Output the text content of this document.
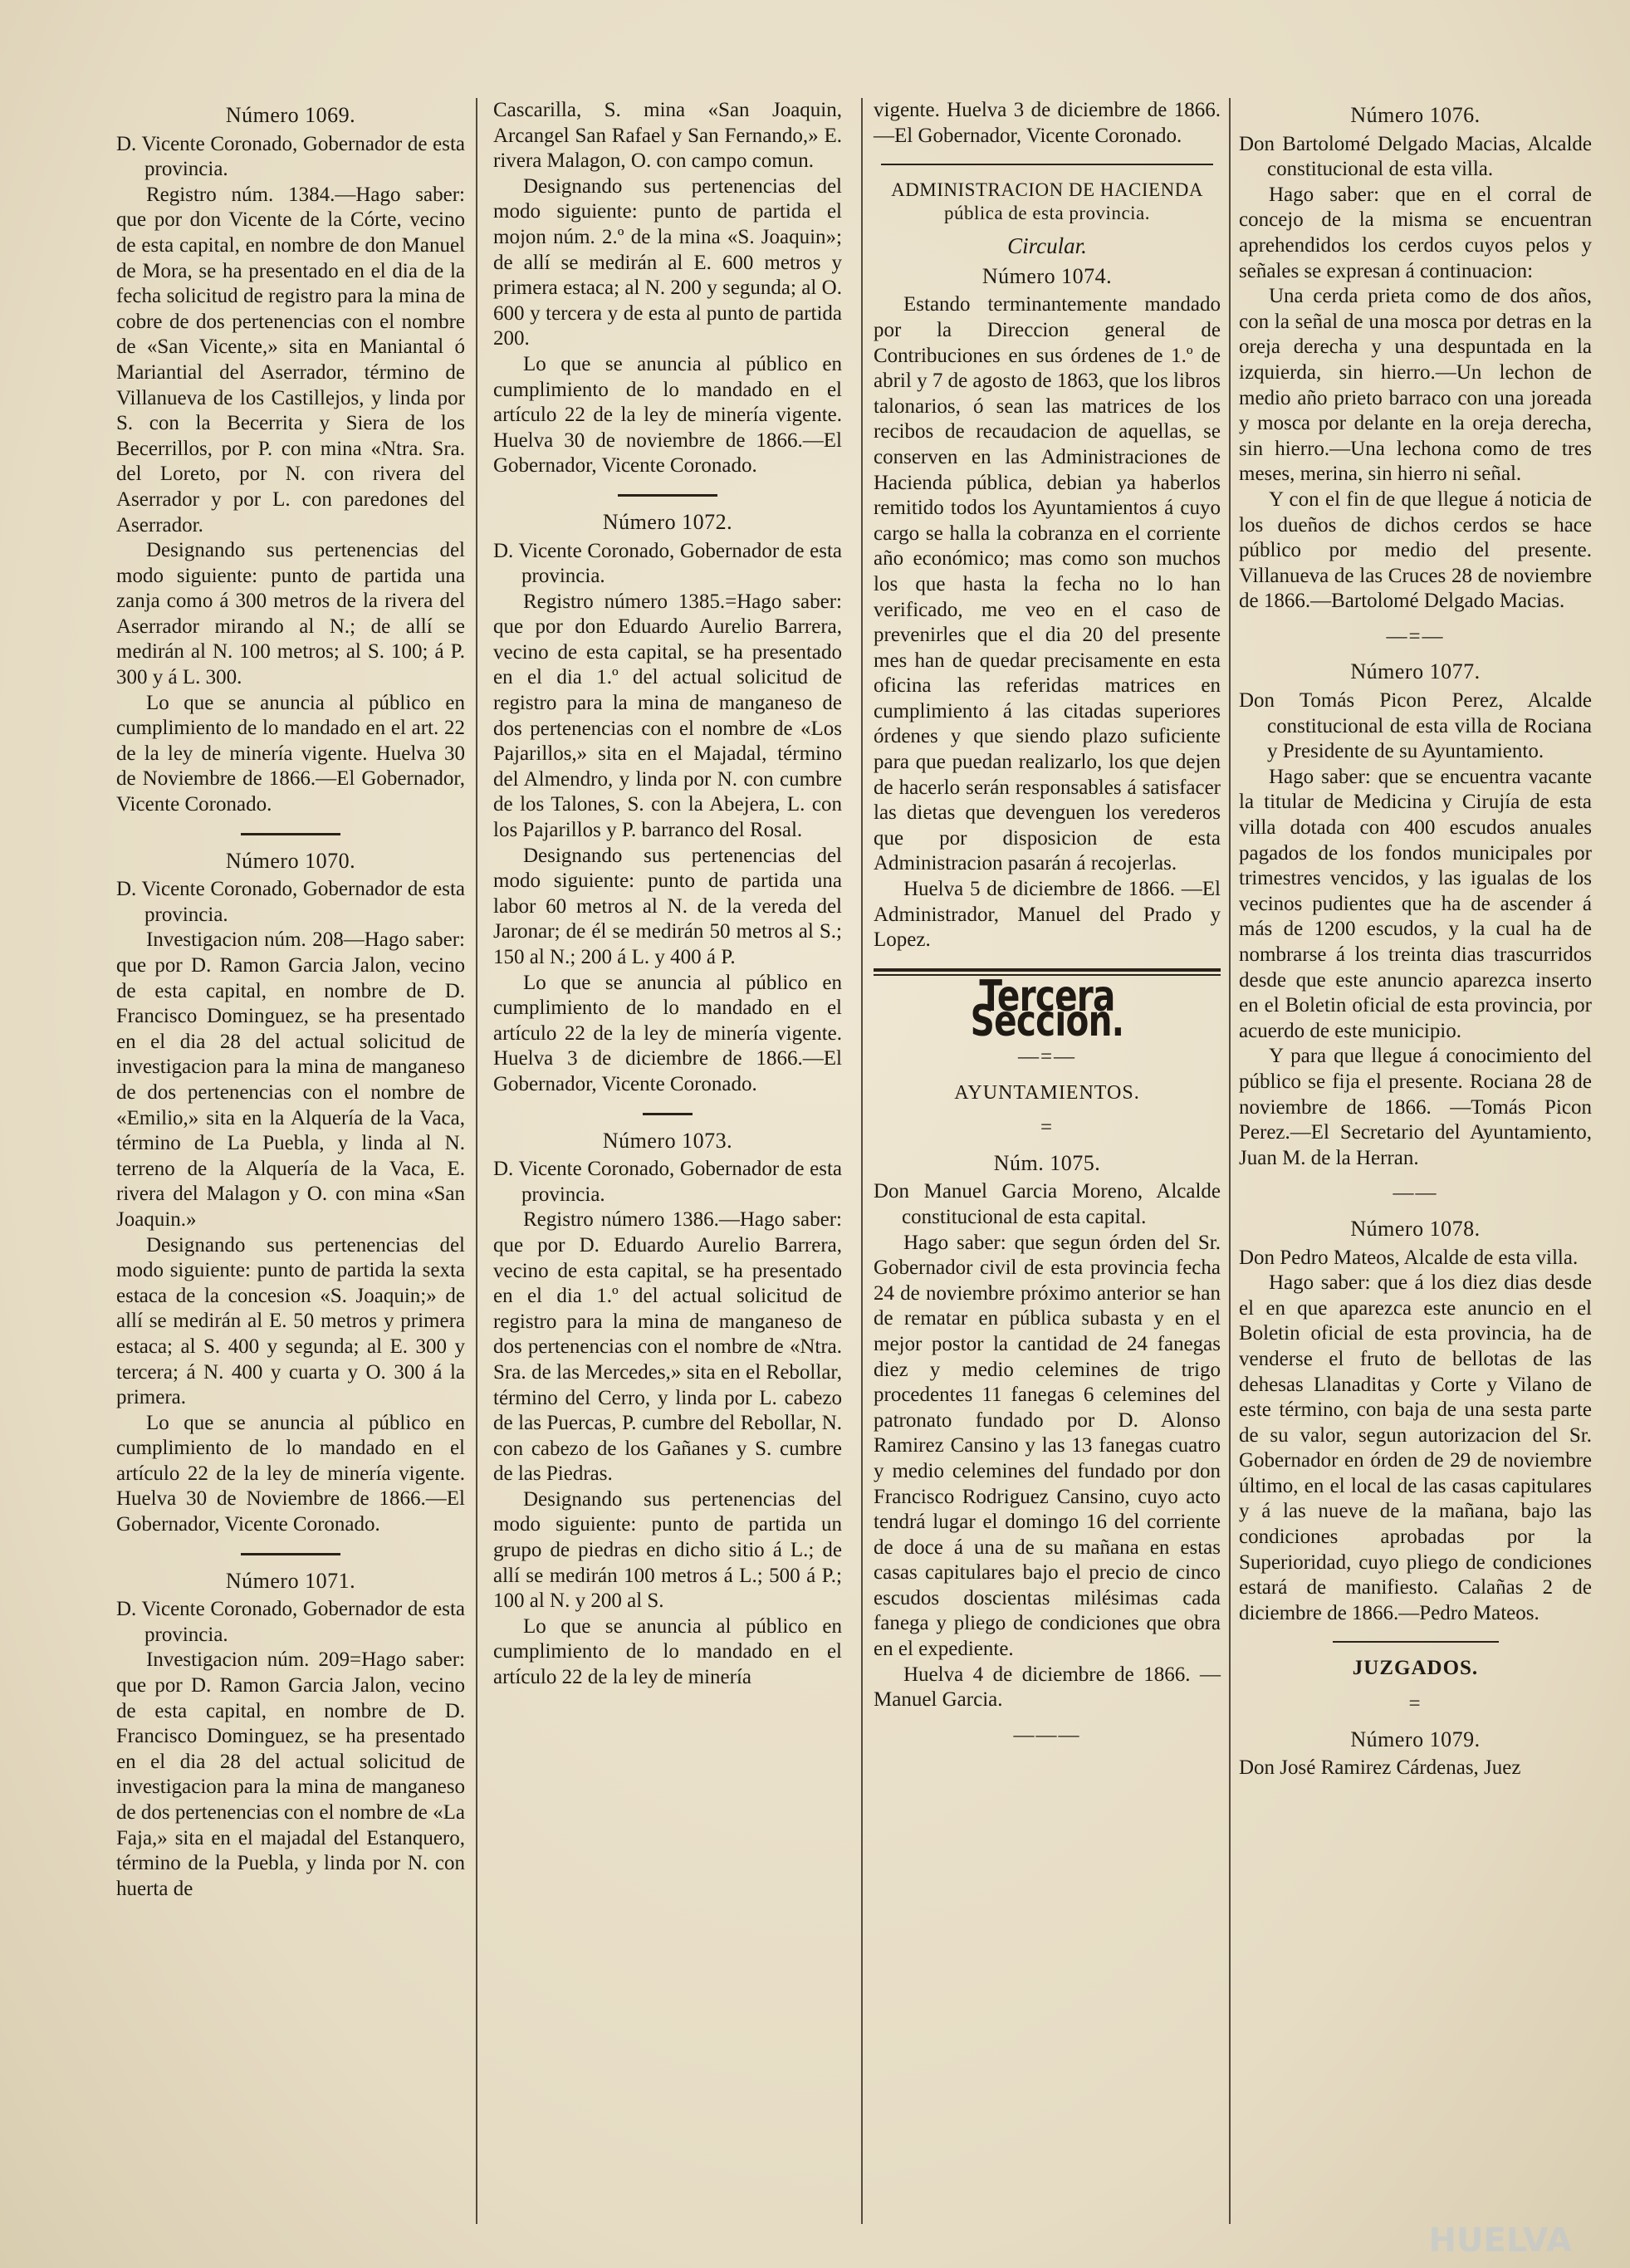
Número 1069.

D. Vicente Coronado, Gobernador de esta provincia.

Registro núm. 1384.—Hago saber: que por don Vicente de la Córte, vecino de esta capital, en nombre de don Manuel de Mora, se ha presentado en el dia de la fecha solicitud de registro para la mina de cobre de dos pertenencias con el nombre de «San Vicente,» sita en Maniantal ó Mariantial del Aserrador, término de Villanueva de los Castillejos, y linda por S. con la Becerrita y Siera de los Becerrillos, por P. con mina «Ntra. Sra. del Loreto, por N. con rivera del Aserrador y por L. con paredones del Aserrador.

Designando sus pertenencias del modo siguiente: punto de partida una zanja como á 300 metros de la rivera del Aserrador mirando al N.; de allí se medirán al N. 100 metros; al S. 100; á P. 300 y á L. 300.

Lo que se anuncia al público en cumplimiento de lo mandado en el art. 22 de la ley de minería vigente. Huelva 30 de Noviembre de 1866.—El Gobernador, Vicente Coronado.

Número 1070.

D. Vicente Coronado, Gobernador de esta provincia.

Investigacion núm. 208—Hago saber: que por D. Ramon Garcia Jalon, vecino de esta capital, en nombre de D. Francisco Dominguez, se ha presentado en el dia 28 del actual solicitud de investigacion para la mina de manganeso de dos pertenencias con el nombre de «Emilio,» sita en la Alquería de la Vaca, término de La Puebla, y linda al N. terreno de la Alquería de la Vaca, E. rivera del Malagon y O. con mina «San Joaquin.»

Designando sus pertenencias del modo siguiente: punto de partida la sexta estaca de la concesion «S. Joaquin;» de allí se medirán al E. 50 metros y primera estaca; al S. 400 y segunda; al E. 300 y tercera; á N. 400 y cuarta y O. 300 á la primera.

Lo que se anuncia al público en cumplimiento de lo mandado en el artículo 22 de la ley de minería vigente. Huelva 30 de Noviembre de 1866.—El Gobernador, Vicente Coronado.

Número 1071.

D. Vicente Coronado, Gobernador de esta provincia.

Investigacion núm. 209=Hago saber: que por D. Ramon Garcia Jalon, vecino de esta capital, en nombre de D. Francisco Dominguez, se ha presentado en el dia 28 del actual solicitud de investigacion para la mina de manganeso de dos pertenencias con el nombre de «La Faja,» sita en el majadal del Estanquero, término de la Puebla, y linda por N. con huerta de

Cascarilla, S. mina «San Joaquin, Arcangel San Rafael y San Fernando,» E. rivera Malagon, O. con campo comun.

Designando sus pertenencias del modo siguiente: punto de partida el mojon núm. 2.º de la mina «S. Joaquin»; de allí se medirán al E. 600 metros y primera estaca; al N. 200 y segunda; al O. 600 y tercera y de esta al punto de partida 200.

Lo que se anuncia al público en cumplimiento de lo mandado en el artículo 22 de la ley de minería vigente. Huelva 30 de noviembre de 1866.—El Gobernador, Vicente Coronado.

Número 1072.

D. Vicente Coronado, Gobernador de esta provincia.

Registro número 1385.=Hago saber: que por don Eduardo Aurelio Barrera, vecino de esta capital, se ha presentado en el dia 1.º del actual solicitud de registro para la mina de manganeso de dos pertenencias con el nombre de «Los Pajarillos,» sita en el Majadal, término del Almendro, y linda por N. con cumbre de los Talones, S. con la Abejera, L. con los Pajarillos y P. barranco del Rosal.

Designando sus pertenencias del modo siguiente: punto de partida una labor 60 metros al N. de la vereda del Jaronar; de él se medirán 50 metros al S.; 150 al N.; 200 á L. y 400 á P.

Lo que se anuncia al público en cumplimiento de lo mandado en el artículo 22 de la ley de minería vigente. Huelva 3 de diciembre de 1866.—El Gobernador, Vicente Coronado.

Número 1073.

D. Vicente Coronado, Gobernador de esta provincia.

Registro número 1386.—Hago saber: que por D. Eduardo Aurelio Barrera, vecino de esta capital, se ha presentado en el dia 1.º del actual solicitud de registro para la mina de manganeso de dos pertenencias con el nombre de «Ntra. Sra. de las Mercedes,» sita en el Rebollar, término del Cerro, y linda por L. cabezo de las Puercas, P. cumbre del Rebollar, N. con cabezo de los Gañanes y S. cumbre de las Piedras.

Designando sus pertenencias del modo siguiente: punto de partida un grupo de piedras en dicho sitio á L.; de allí se medirán 100 metros á L.; 500 á P.; 100 al N. y 200 al S.

Lo que se anuncia al público en cumplimiento de lo mandado en el artículo 22 de la ley de minería

vigente. Huelva 3 de diciembre de 1866.—El Gobernador, Vicente Coronado.

ADMINISTRACION DE HACIENDA
pública de esta provincia.
Circular.
Número 1074.

Estando terminantemente mandado por la Direccion general de Contribuciones en sus órdenes de 1.º de abril y 7 de agosto de 1863, que los libros talonarios, ó sean las matrices de los recibos de recaudacion de aquellas, se conserven en las Administraciones de Hacienda pública, debian ya haberlos remitido todos los Ayuntamientos á cuyo cargo se halla la cobranza en el corriente año económico; mas como son muchos los que hasta la fecha no lo han verificado, me veo en el caso de prevenirles que el dia 20 del presente mes han de quedar precisamente en esta oficina las referidas matrices en cumplimiento á las citadas superiores órdenes y que siendo plazo suficiente para que puedan realizarlo, los que dejen de hacerlo serán responsables á satisfacer las dietas que devenguen los verederos que por disposicion de esta Administracion pasarán á recojerlas.

Huelva 5 de diciembre de 1866. —El Administrador, Manuel del Prado y Lopez.

Tercera Seccion.
—=—
AYUNTAMIENTOS.
=
Núm. 1075.

Don Manuel Garcia Moreno, Alcalde constitucional de esta capital.

Hago saber: que segun órden del Sr. Gobernador civil de esta provincia fecha 24 de noviembre próximo anterior se han de rematar en pública subasta y en el mejor postor la cantidad de 24 fanegas diez y medio celemines de trigo procedentes 11 fanegas 6 celemines del patronato fundado por D. Alonso Ramirez Cansino y las 13 fanegas cuatro y medio celemines del fundado por don Francisco Rodriguez Cansino, cuyo acto tendrá lugar el domingo 16 del corriente de doce á una de su mañana en estas casas capitulares bajo el precio de cinco escudos doscientas milésimas cada fanega y pliego de condiciones que obra en el expediente.

Huelva 4 de diciembre de 1866. —Manuel Garcia.

———
Número 1076.

Don Bartolomé Delgado Macias, Alcalde constitucional de esta villa.

Hago saber: que en el corral de concejo de la misma se encuentran aprehendidos los cerdos cuyos pelos y señales se expresan á continuacion:

Una cerda prieta como de dos años, con la señal de una mosca por detras en la oreja derecha y una despuntada en la izquierda, sin hierro.—Un lechon de medio año prieto barraco con una joreada y mosca por delante en la oreja derecha, sin hierro.—Una lechona como de tres meses, merina, sin hierro ni señal.

Y con el fin de que llegue á noticia de los dueños de dichos cerdos se hace público por medio del presente. Villanueva de las Cruces 28 de noviembre de 1866.—Bartolomé Delgado Macias.

—=—
Número 1077.

Don Tomás Picon Perez, Alcalde constitucional de esta villa de Rociana y Presidente de su Ayuntamiento.

Hago saber: que se encuentra vacante la titular de Medicina y Cirujía de esta villa dotada con 400 escudos anuales pagados de los fondos municipales por trimestres vencidos, y las igualas de los vecinos pudientes que ha de ascender á más de 1200 escudos, y la cual ha de nombrarse á los treinta dias trascurridos desde que este anuncio aparezca inserto en el Boletin oficial de esta provincia, por acuerdo de este municipio.

Y para que llegue á conocimiento del público se fija el presente. Rociana 28 de noviembre de 1866. —Tomás Picon Perez.—El Secretario del Ayuntamiento, Juan M. de la Herran.

——
Número 1078.

Don Pedro Mateos, Alcalde de esta villa.

Hago saber: que á los diez dias desde el en que aparezca este anuncio en el Boletin oficial de esta provincia, ha de venderse el fruto de bellotas de las dehesas Llanaditas y Corte y Vilano de este término, con baja de una sesta parte de su valor, segun autorizacion del Sr. Gobernador en órden de 29 de noviembre último, en el local de las casas capitulares y á las nueve de la mañana, bajo las condiciones aprobadas por la Superioridad, cuyo pliego de condiciones estará de manifiesto. Calañas 2 de diciembre de 1866.—Pedro Mateos.

JUZGADOS.
=
Número 1079.

Don José Ramirez Cárdenas, Juez

HUELVA
